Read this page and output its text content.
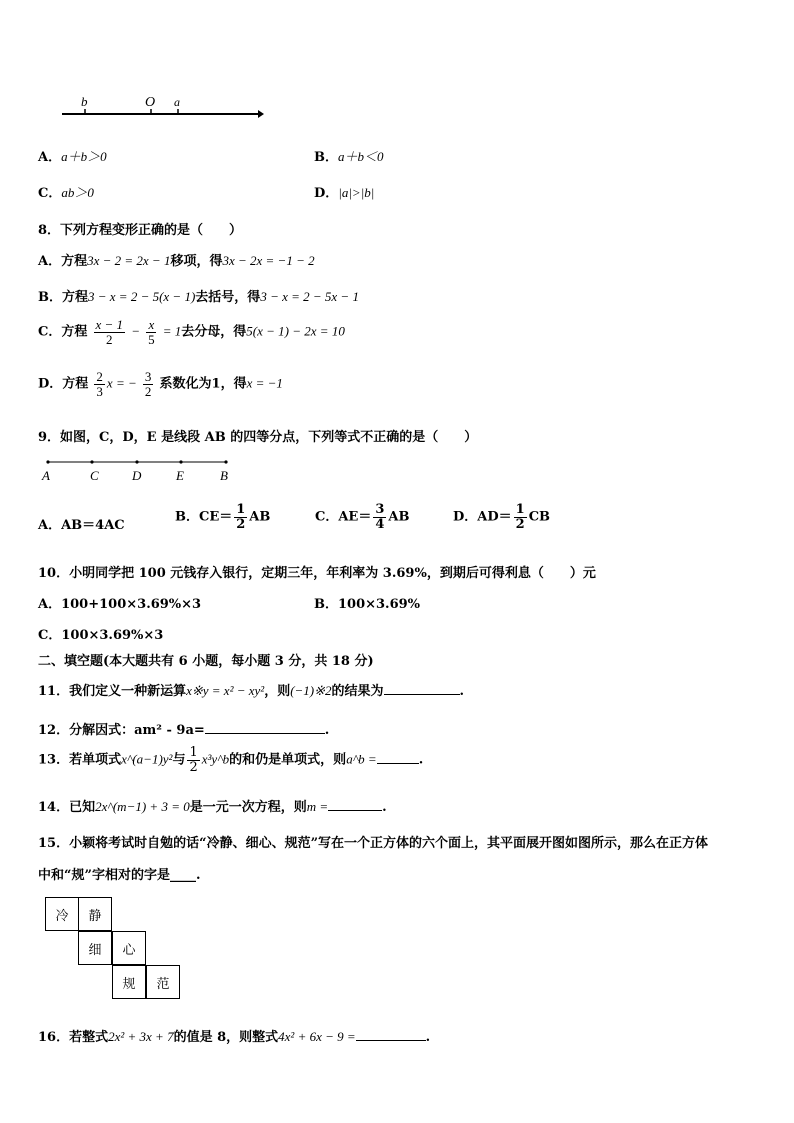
b	O a
A．a＋b＞0	B．a＋b＜0
C．ab＞0	D．|a|>|b|
8．下列方程变形正确的是（　　）
A．方程3x − 2 = 2x − 1移项，得3x − 2x = −1 − 2
B．方程3 − x = 2 − 5(x − 1)去括号，得3 − x = 2 − 5x − 1
C．方程 $\frac{x - 1}{2} - \frac{x}{5} = 1$去分母，得5(x − 1) − 2x = 10
D．方程 $\frac{2}{3}$ x = − $\frac{3}{2}$ 系数化为1，得x = −1
9．如图，C，D，E 是线段 AB 的四等分点，下列等式不正确的是（　　）
A	C	D	E	B
A．AB＝4AC
B．$CE= \frac{1}{2}$ AB	C．$AE= \frac{3}{4}$ AB	D．$AD= \frac{1}{2}$ CB
10．小明同学把 100 元钱存入银行，定期三年，年利率为 3.69%，到期后可得利息（　　）元
A．100+100×3.69%×3	B．100×3.69%
C．100×3.69%×3
二、填空题(本大题共有 6 小题，每小题 3 分，共 18 分)
11．我们定义一种新运算x※y = x² − xy²，则(−1)※2的结果为	.
12．分解因式：am² - 9a=	.
13．若单项式x^(a−1)y²与 $\frac{1}{2}$ x³y^b的和仍是单项式，则a^b =	.
14．已知2x^(m−1) + 3 = 0是一元一次方程，则m =	.
15．小颖将考试时自勉的话“冷静、细心、规范”写在一个正方体的六个面上，其平面展开图如图所示，那么在正方体
中和“规”字相对的字是____.
冷	静
细	心
规	范
16．若整式2x² + 3x + 7的值是 8，则整式4x² + 6x − 9 =	.
